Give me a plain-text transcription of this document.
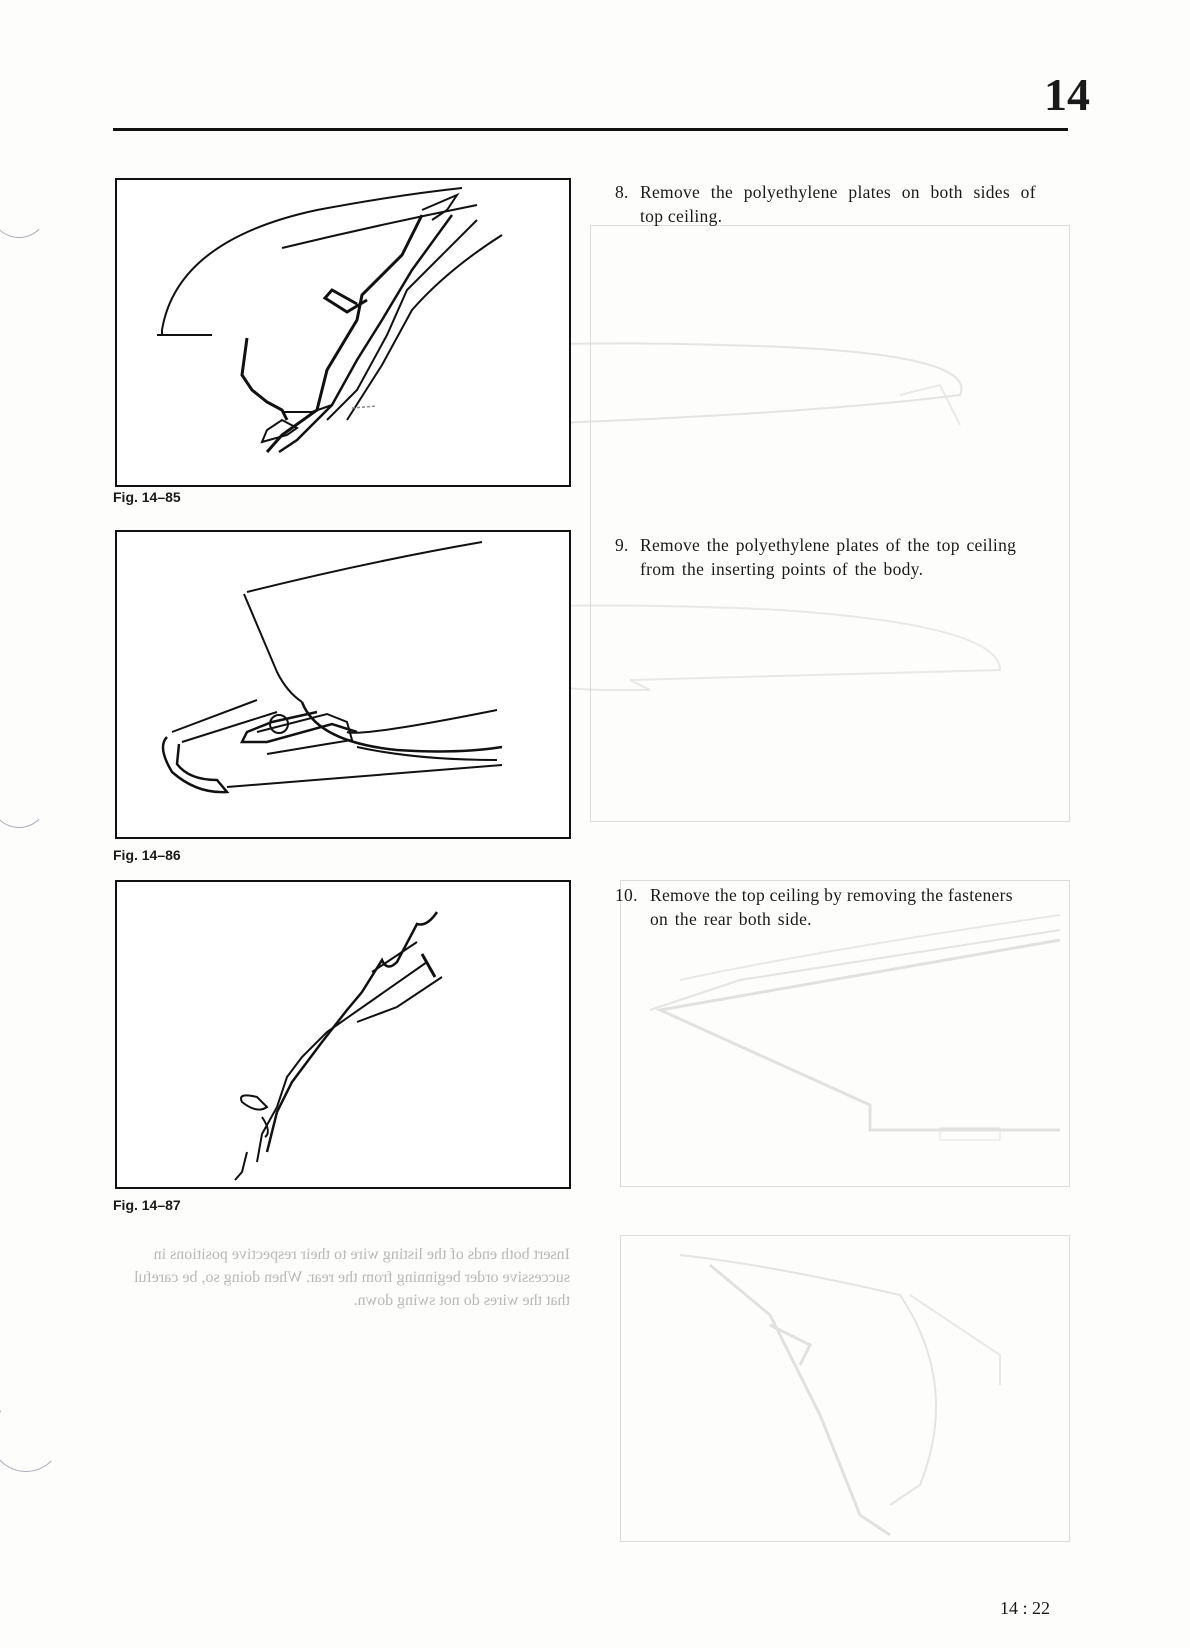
14
Insert both ends of the listing wire to their respective positions in successive order beginning from the rear. When doing so, be careful that the wires do not swing down.
Fig. 14–85
Fig. 14–86
Fig. 14–87
8. Remove the polyethylene plates on both sides of
top ceiling.
9. Remove the polyethylene plates of the top ceiling
from the inserting points of the body.
10. Remove the top ceiling by removing the fasteners
on the rear both side.
14 : 22
